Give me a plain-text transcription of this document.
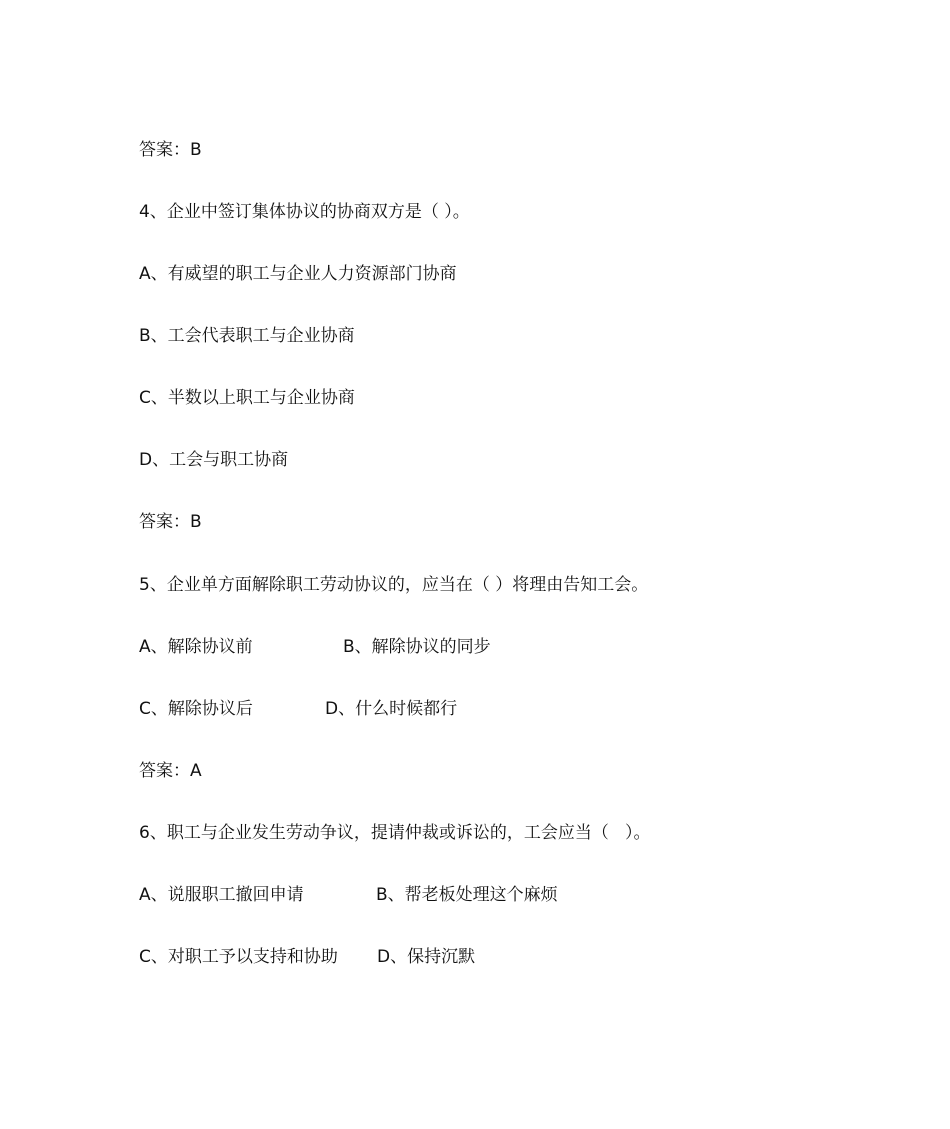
答案：B
4、企业中签订集体协议的协商双方是（ ）。
A、有威望的职工与企业人力资源部门协商
B、工会代表职工与企业协商
C、半数以上职工与企业协商
D、工会与职工协商
答案：B
5、企业单方面解除职工劳动协议的，应当在（ ）将理由告知工会。
A、解除协议前	B、解除协议的同步
C、解除协议后	D、什么时候都行
答案：A
6、职工与企业发生劳动争议，提请仲裁或诉讼的，工会应当（   ）。
A、说服职工撤回申请	B、帮老板处理这个麻烦
C、对职工予以支持和协助 D、保持沉默
